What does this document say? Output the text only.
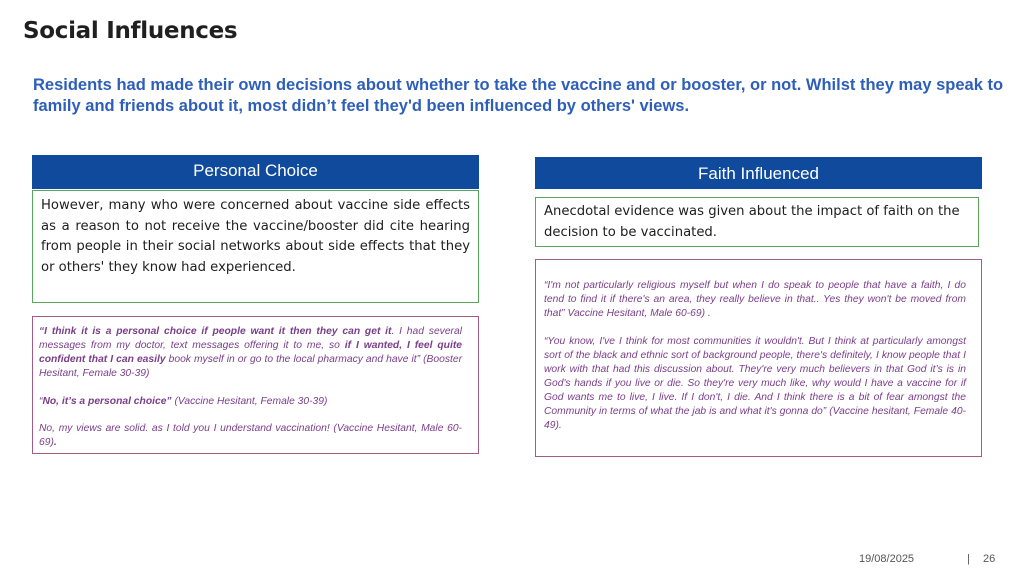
Social Influences
Residents had made their own decisions about whether to take the vaccine and or booster, or not. Whilst they may speak to family and friends about it, most didn’t feel they'd been influenced by others' views.
Personal Choice
However, many who were concerned about vaccine side effects as a reason to not receive the vaccine/booster did cite hearing from people in their social networks about side effects that they or others' they know had experienced.

“I think it is a personal choice if people want it then they can get it. I had several messages from my doctor, text messages offering it to me, so if I wanted, I feel quite confident that I can easily book myself in or go to the local pharmacy and have it” (Booster Hesitant, Female 30-39)

“No, it’s a personal choice” (Vaccine Hesitant, Female 30-39)

No, my views are solid. as I told you I understand vaccination! (Vaccine Hesitant, Male 60-69).

Faith Influenced
Anecdotal evidence was given about the impact of faith on the decision to be vaccinated.

“I'm not particularly religious myself but when I do speak to people that have a faith, I do tend to find it if there's an area, they really believe in that.. Yes they won't be moved from that” Vaccine Hesitant, Male 60-69) .

“You know, I've I think for most communities it wouldn't. But I think at particularly amongst sort of the black and ethnic sort of background people, there's definitely, I know people that I work with that had this discussion about. They're very much believers in that God it’s is in God's hands if you live or die. So they're very much like, why would I have a vaccine for if God wants me to live, I live. If I don't, I die. And I think there is a bit of fear amongst the Community in terms of what the jab is and what it's gonna do” (Vaccine hesitant, Female 40-49).

19/08/2025	| 26
